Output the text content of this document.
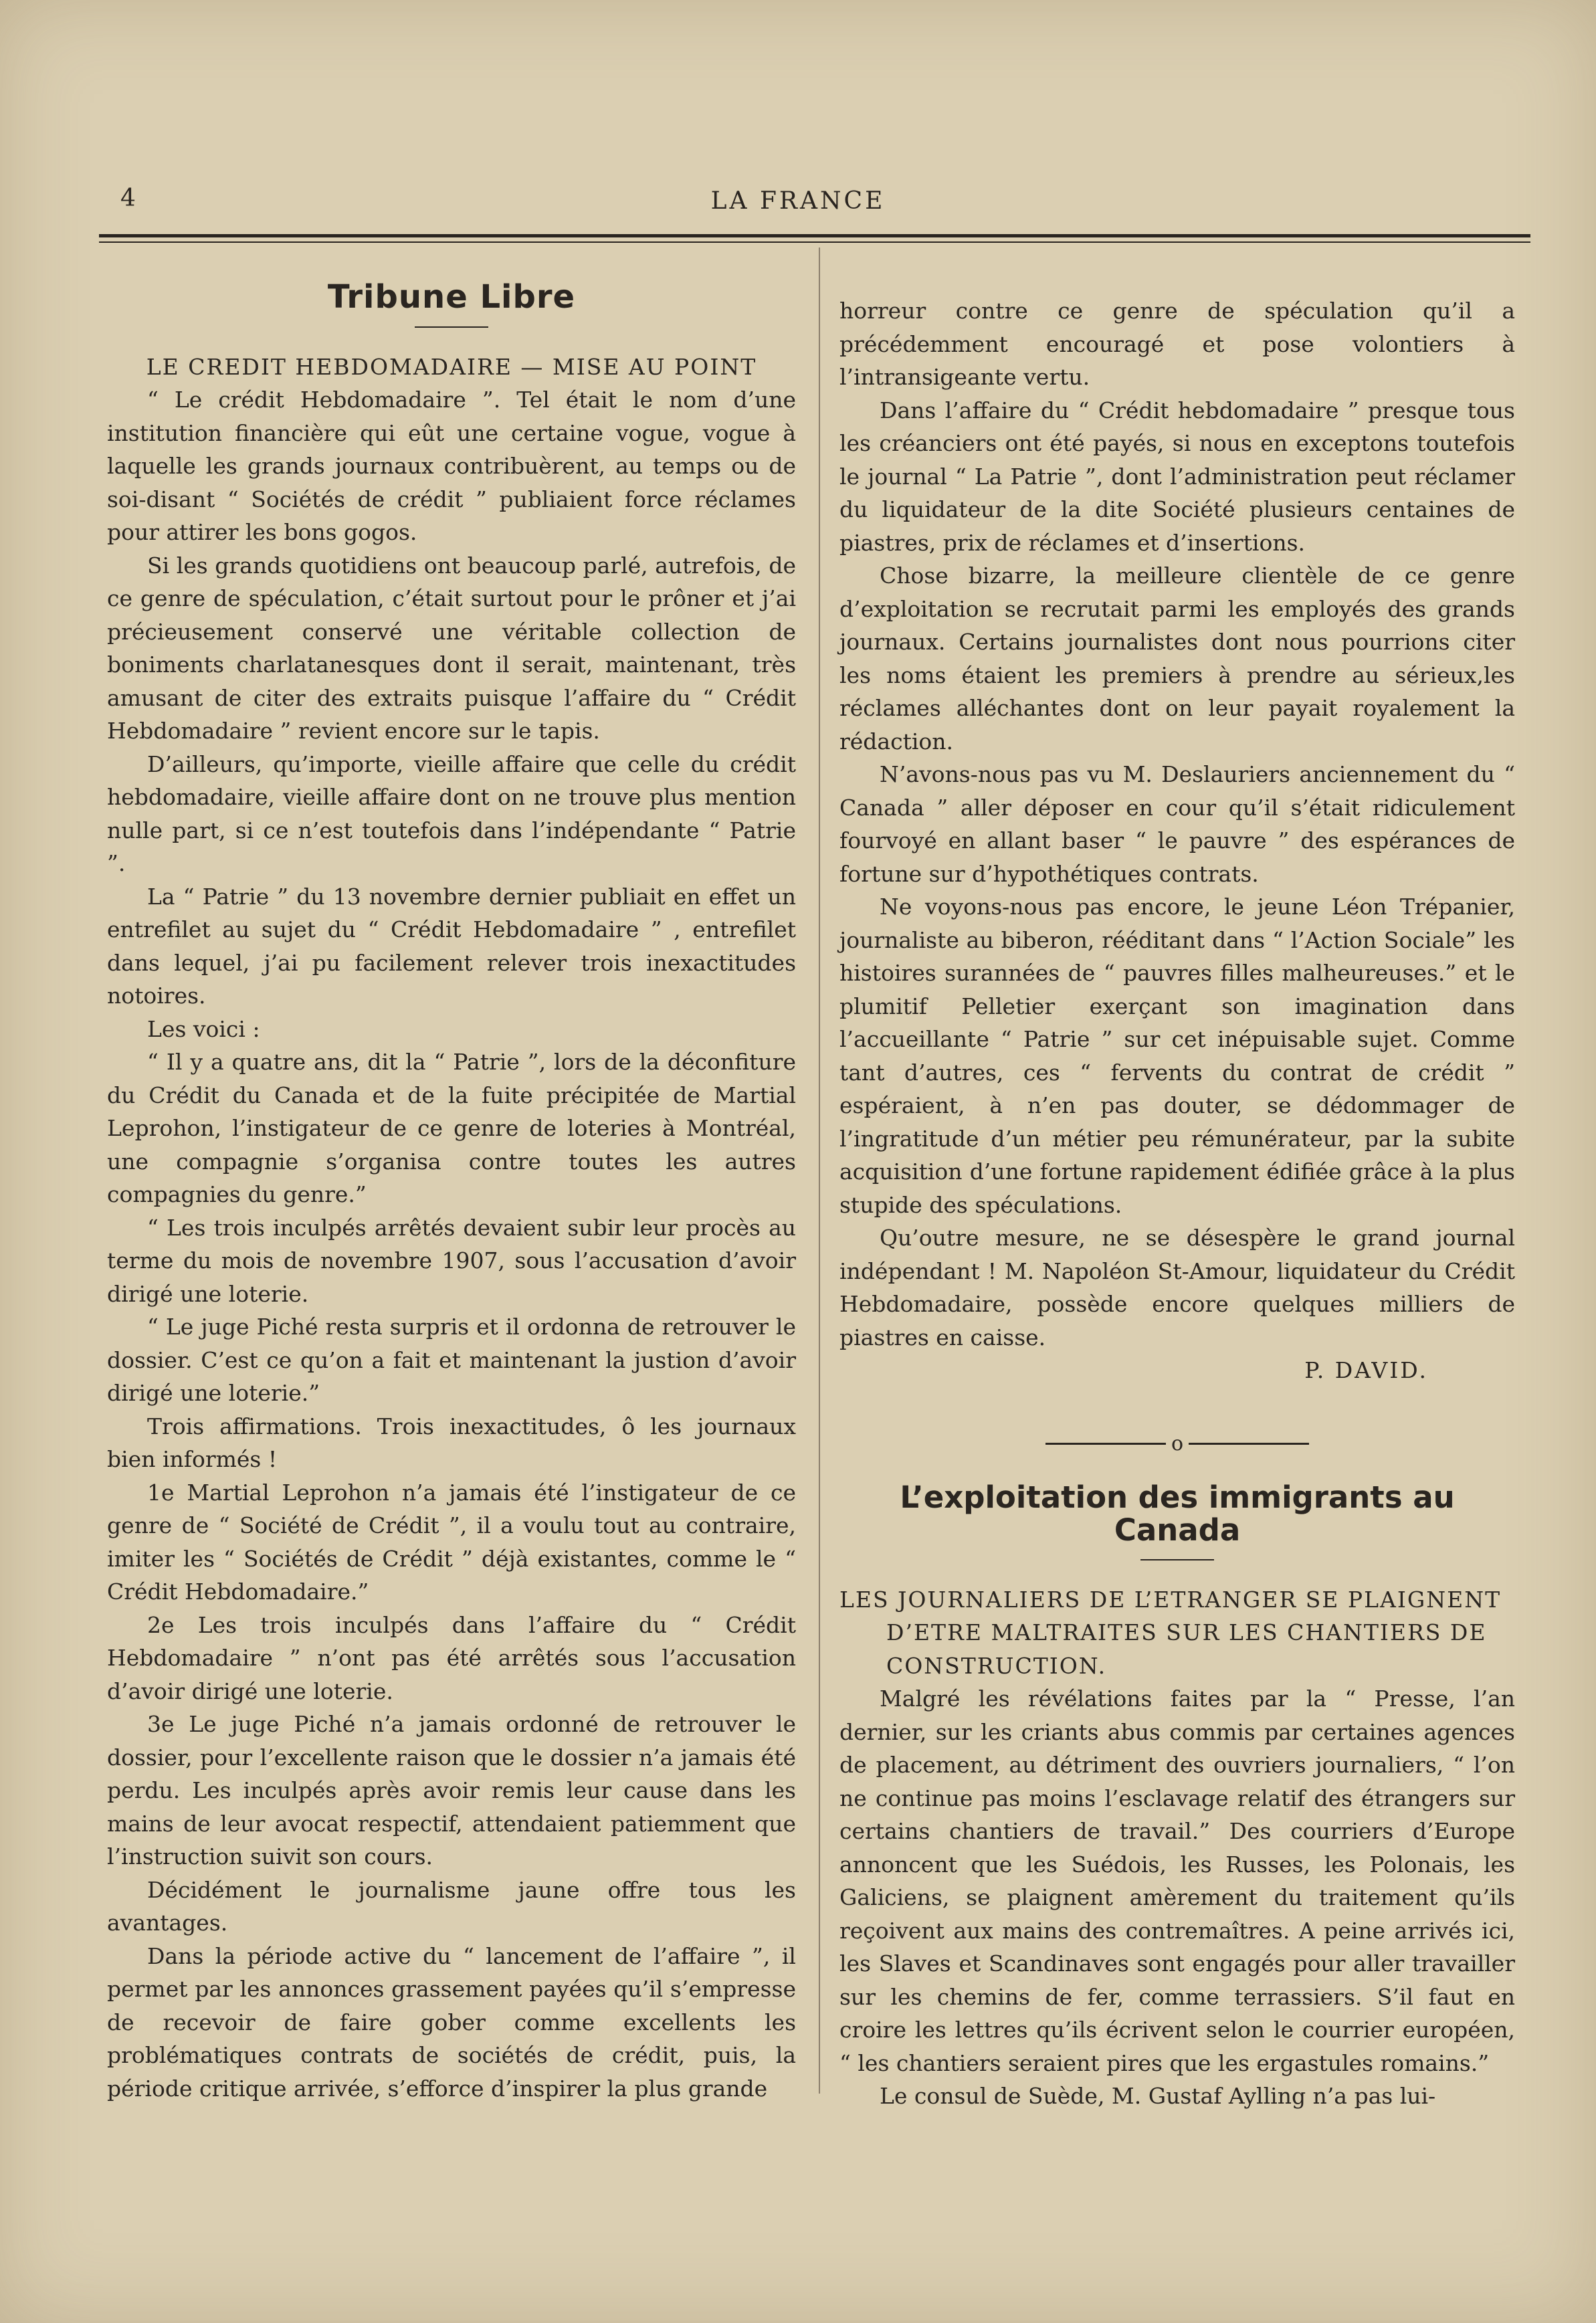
4	LA FRANCE
Tribune Libre

LE CREDIT HEBDOMADAIRE — MISE AU POINT

“ Le crédit Hebdomadaire ”. Tel était le nom d’une institution financière qui eût une certaine vogue, vogue à laquelle les grands journaux contribuèrent, au temps ou de soi-disant “ Sociétés de crédit ” publiaient force réclames pour attirer les bons gogos.

Si les grands quotidiens ont beaucoup parlé, autrefois, de ce genre de spéculation, c’était surtout pour le prôner et j’ai précieusement conservé une véritable collection de boniments charlatanesques dont il serait, maintenant, très amusant de citer des extraits puisque l’affaire du “ Crédit Hebdomadaire ” revient encore sur le tapis.

D’ailleurs, qu’importe, vieille affaire que celle du crédit hebdomadaire, vieille affaire dont on ne trouve plus mention nulle part, si ce n’est toutefois dans l’indépendante “ Patrie ”.

La “ Patrie ” du 13 novembre dernier publiait en effet un entrefilet au sujet du “ Crédit Hebdomadaire ” , entrefilet dans lequel, j’ai pu facilement relever trois inexactitudes notoires.

Les voici :

“ Il y a quatre ans, dit la “ Patrie ”, lors de la déconfiture du Crédit du Canada et de la fuite précipitée de Martial Leprohon, l’instigateur de ce genre de loteries à Montréal, une compagnie s’organisa contre toutes les autres compagnies du genre.”

“ Les trois inculpés arrêtés devaient subir leur procès au terme du mois de novembre 1907, sous l’accusation d’avoir dirigé une loterie.

“ Le juge Piché resta surpris et il ordonna de retrouver le dossier. C’est ce qu’on a fait et maintenant la justion d’avoir dirigé une loterie.”

Trois affirmations. Trois inexactitudes, ô les journaux bien informés !

1e Martial Leprohon n’a jamais été l’instigateur de ce genre de “ Société de Crédit ”, il a voulu tout au contraire, imiter les “ Sociétés de Crédit ” déjà existantes, comme le “ Crédit Hebdomadaire.”

2e Les trois inculpés dans l’affaire du “ Crédit Hebdomadaire ” n’ont pas été arrêtés sous l’accusation d’avoir dirigé une loterie.

3e Le juge Piché n’a jamais ordonné de retrouver le dossier, pour l’excellente raison que le dossier n’a jamais été perdu. Les inculpés après avoir remis leur cause dans les mains de leur avocat respectif, attendaient patiemment que l’instruction suivit son cours.

Décidément le journalisme jaune offre tous les avantages.

Dans la période active du “ lancement de l’affaire ”, il permet par les annonces grassement payées qu’il s’empresse de recevoir de faire gober comme excellents les problématiques contrats de sociétés de crédit, puis, la période critique arrivée, s’efforce d’inspirer la plus grande

horreur contre ce genre de spéculation qu’il a précédemment encouragé et pose volontiers à l’intransigeante vertu.

Dans l’affaire du “ Crédit hebdomadaire ” presque tous les créanciers ont été payés, si nous en exceptons toutefois le journal “ La Patrie ”, dont l’administration peut réclamer du liquidateur de la dite Société plusieurs centaines de piastres, prix de réclames et d’insertions.

Chose bizarre, la meilleure clientèle de ce genre d’exploitation se recrutait parmi les employés des grands journaux. Certains journalistes dont nous pourrions citer les noms étaient les premiers à prendre au sérieux,les réclames alléchantes dont on leur payait royalement la rédaction.

N’avons-nous pas vu M. Deslauriers anciennement du “ Canada ” aller déposer en cour qu’il s’était ridiculement fourvoyé en allant baser “ le pauvre ” des espérances de fortune sur d’hypothétiques contrats.

Ne voyons-nous pas encore, le jeune Léon Trépanier, journaliste au biberon, rééditant dans “ l’Action Sociale” les histoires surannées de “ pauvres filles malheureuses.” et le plumitif Pelletier exerçant son imagination dans l’accueillante “ Patrie ” sur cet inépuisable sujet. Comme tant d’autres, ces “ fervents du contrat de crédit ” espéraient, à n’en pas douter, se dédommager de l’ingratitude d’un métier peu rémunérateur, par la subite acquisition d’une fortune rapidement édifiée grâce à la plus stupide des spéculations.

Qu’outre mesure, ne se désespère le grand journal indépendant ! M. Napoléon St-Amour, liquidateur du Crédit Hebdomadaire, possède encore quelques milliers de piastres en caisse.

P. DAVID.

o
L’exploitation des immigrants au Canada

LES JOURNALIERS DE L’ETRANGER SE PLAIGNENT D’ETRE MALTRAITES SUR LES CHANTIERS DE CONSTRUCTION.

Malgré les révélations faites par la “ Presse, l’an dernier, sur les criants abus commis par certaines agences de placement, au détriment des ouvriers journaliers, “ l’on ne continue pas moins l’esclavage relatif des étrangers sur certains chantiers de travail.” Des courriers d’Europe annoncent que les Suédois, les Russes, les Polonais, les Galiciens, se plaignent amèrement du traitement qu’ils reçoivent aux mains des contremaîtres. A peine arrivés ici, les Slaves et Scandinaves sont engagés pour aller travailler sur les chemins de fer, comme terrassiers. S’il faut en croire les lettres qu’ils écrivent selon le courrier européen, “ les chantiers seraient pires que les ergastules romains.”

Le consul de Suède, M. Gustaf Aylling n’a pas lui-
